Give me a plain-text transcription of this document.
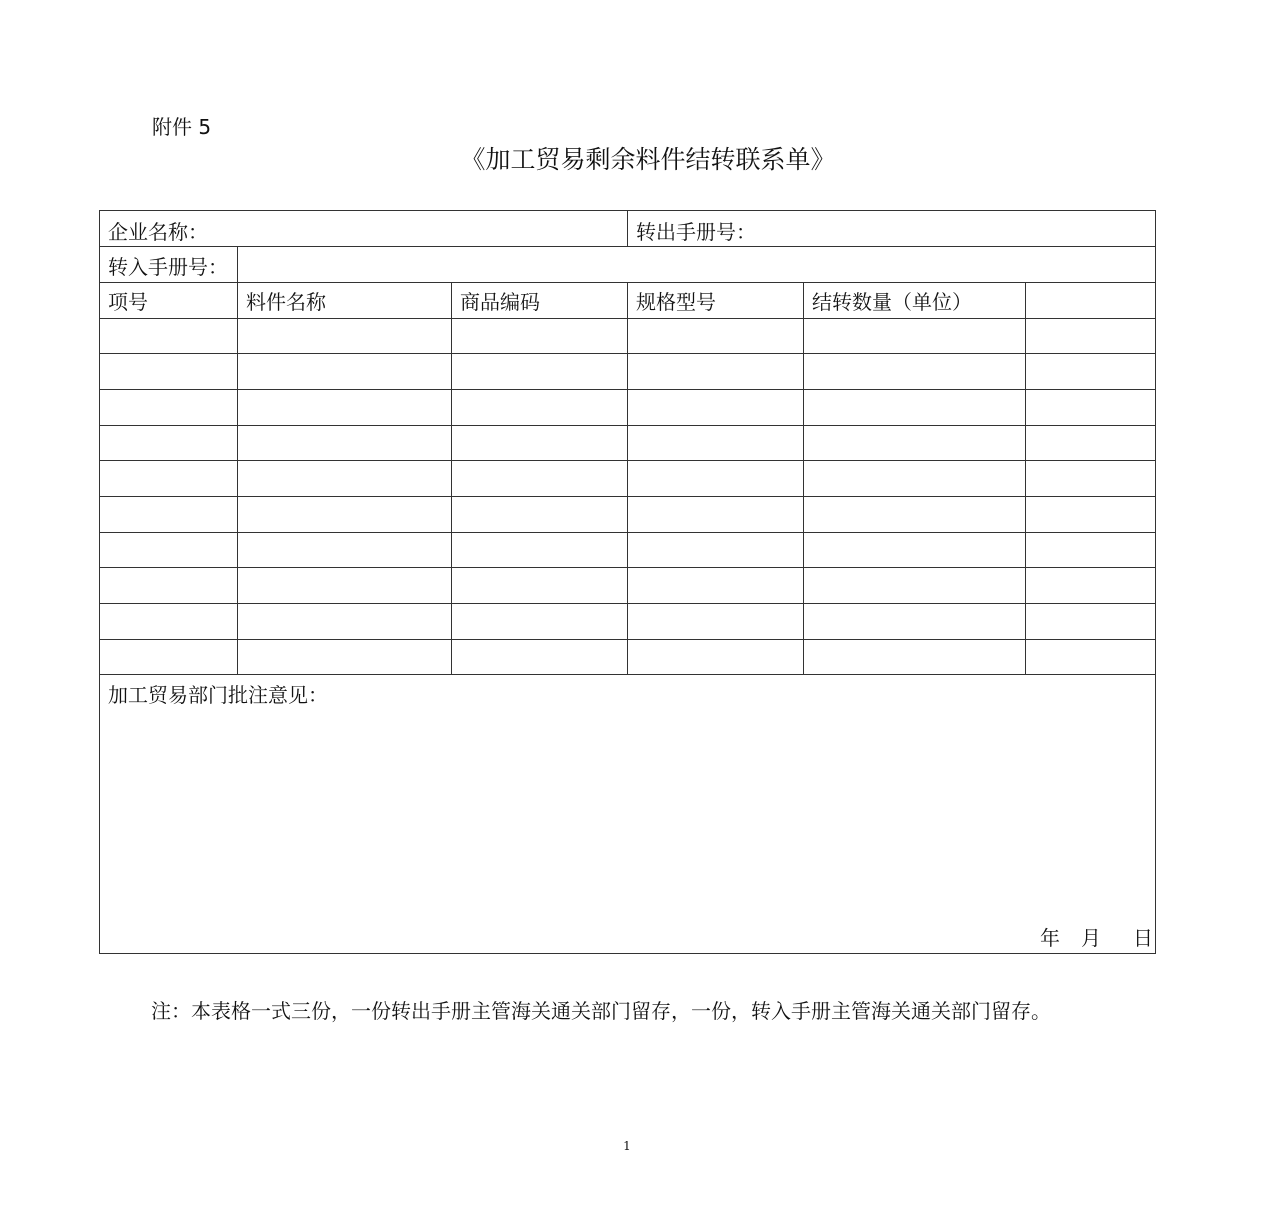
附件 5
《加工贸易剩余料件结转联系单》
企业名称：	转出手册号：
转入手册号：
项号	料件名称	商品编码	规格型号	结转数量（单位）
加工贸易部门批注意见：
年 月 日
注：本表格一式三份，一份转出手册主管海关通关部门留存，一份，转入手册主管海关通关部门留存。
1
